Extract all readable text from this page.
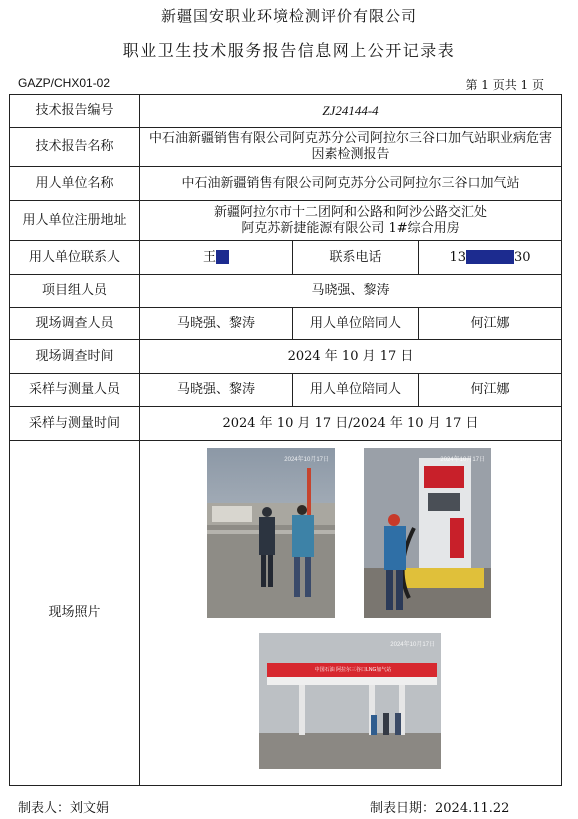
新疆国安职业环境检测评价有限公司
职业卫生技术服务报告信息网上公开记录表
GAZP/CHX01-02	第 1 页共 1 页
技术报告编号	ZJ24144-4		
技术报告名称	中石油新疆销售有限公司阿克苏分公司阿拉尔三谷口加气站职业病危害因素检测报告		
用人单位名称	中石油新疆销售有限公司阿克苏分公司阿拉尔三谷口加气站		
用人单位注册地址	新疆阿拉尔市十二团阿和公路和阿沙公路交汇处
阿克苏新捷能源有限公司 1#综合用房		

用人单位联系人	王	联系电话	13 30
项目组人员	马晓强、黎涛		
现场调查人员	马晓强、黎涛	用人单位陪同人	何江娜
现场调查时间	2024 年 10 月 17 日		
采样与测量人员	马晓强、黎涛	用人单位陪同人	何江娜
采样与测量时间	2024 年 10 月 17 日/2024 年 10 月 17 日		
现场照片	2024年10月17日 2024年10月17日
2024年10月17日
中国石油 阿拉尔三谷口LNG加气站		
制表人：刘文娟	制表日期：2024.11.22
